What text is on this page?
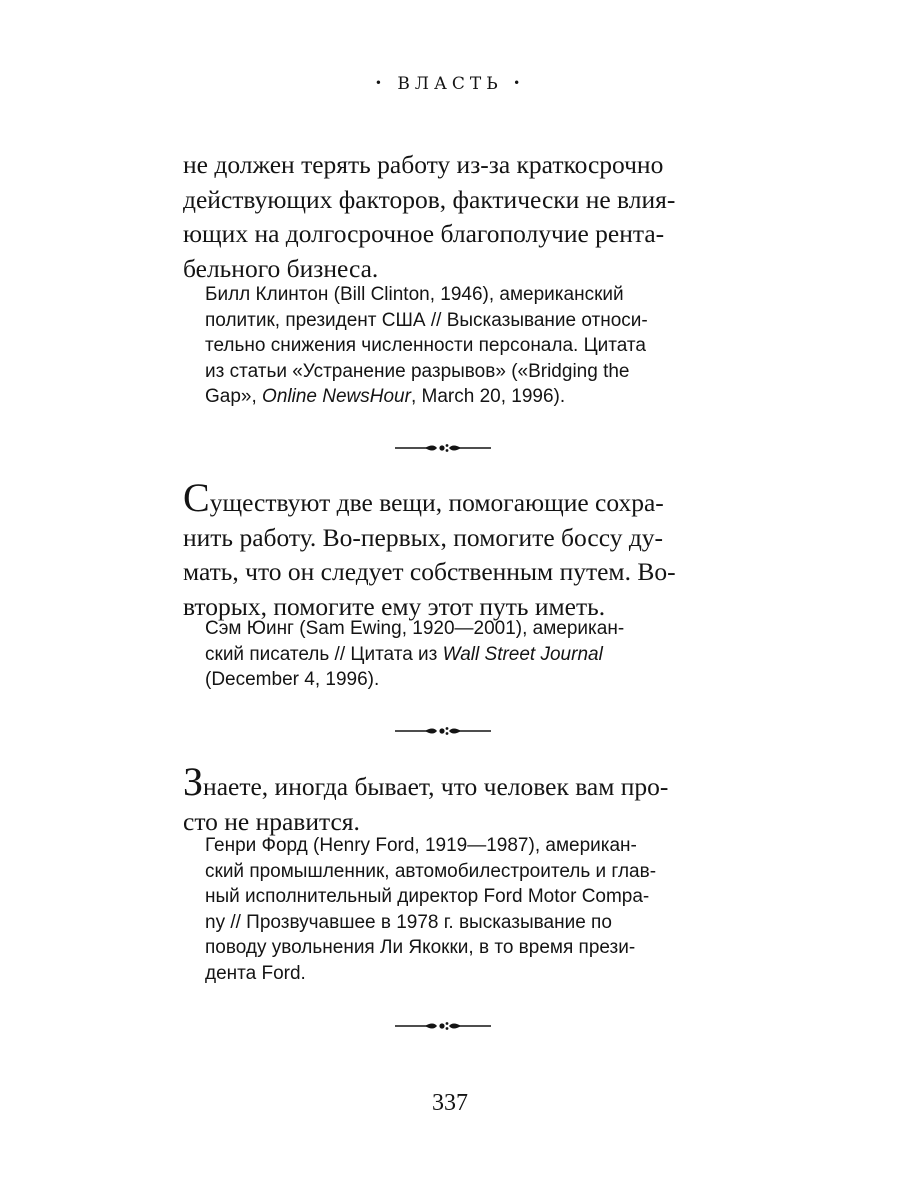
• ВЛАСТЬ •
не должен терять работу из-за краткосрочно
действующих факторов, фактически не влия-
ющих на долгосрочное благополучие рента-
бельного бизнеса.
Билл Клинтон (Bill Clinton, 1946), американский
политик, президент США // Высказывание относи-
тельно снижения численности персонала. Цитата
из статьи «Устранение разрывов» («Bridging the
Gap», Online NewsHour, March 20, 1996).
Существуют две вещи, помогающие сохра-
нить работу. Во-первых, помогите боссу ду-
мать, что он следует собственным путем. Во-
вторых, помогите ему этот путь иметь.
Сэм Юинг (Sam Ewing, 1920—2001), американ-
ский писатель // Цитата из Wall Street Journal
(December 4, 1996).
Знаете, иногда бывает, что человек вам про-
сто не нравится.
Генри Форд (Henry Ford, 1919—1987), американ-
ский промышленник, автомобилестроитель и глав-
ный исполнительный директор Ford Motor Compa-
ny // Прозвучавшее в 1978 г. высказывание по
поводу увольнения Ли Якокки, в то время прези-
дента Ford.
337
